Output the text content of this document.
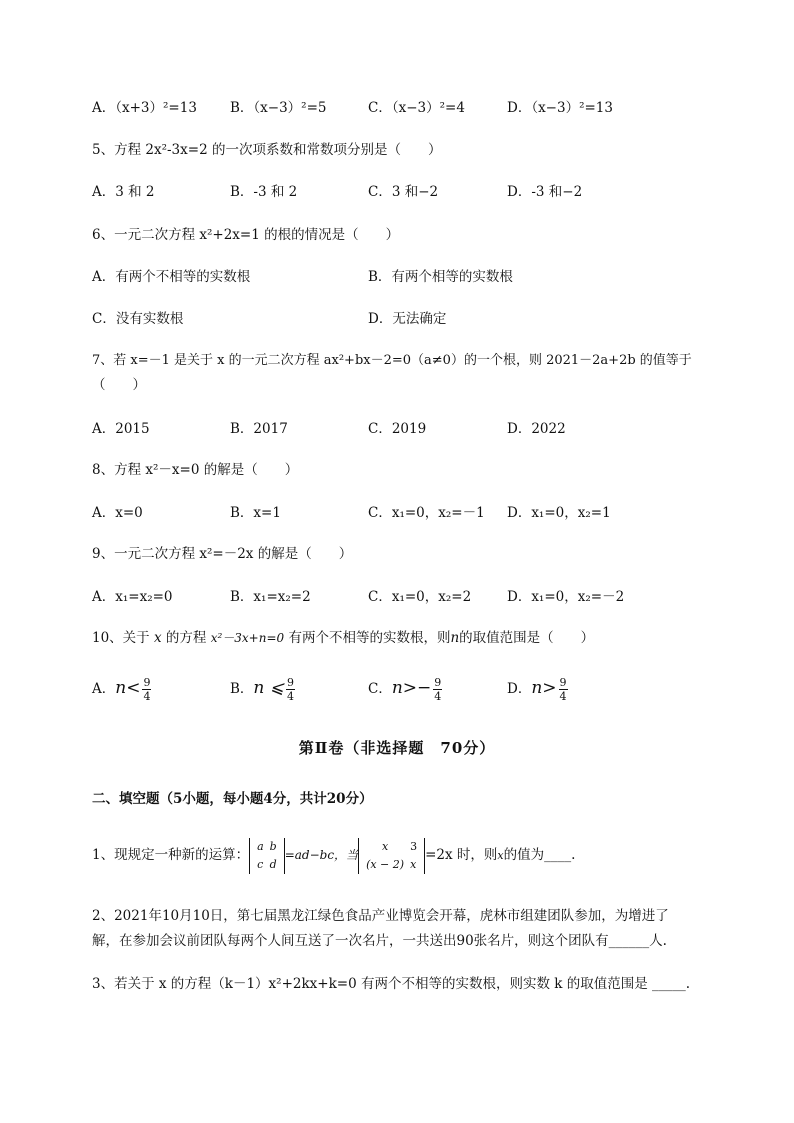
A．（x+3）²=13 B．（x−3）²=5	C．（x−3）²=4	D．（x−3）²=13
5、方程 2x²-3x=2 的一次项系数和常数项分别是（　　）
A．3 和 2	B．-3 和 2	C．3 和−2	D．-3 和−2
6、一元二次方程 x²+2x=1 的根的情况是（　　）
A．有两个不相等的实数根	B．有两个相等的实数根
C．没有实数根	D．无法确定
7、若 x=－1 是关于 x 的一元二次方程 ax²+bx－2=0（a≠0）的一个根，则 2021－2a+2b 的值等于
（　　）
A．2015	B．2017	C．2019	D．2022
8、方程 x²－x=0 的解是（　　）
A．x=0	B．x=1	C．x₁=0，x₂=－1 D．x₁=0，x₂=1
9、一元二次方程 x²=－2x 的解是（　　）
A．x₁=x₂=0	B．x₁=x₂=2	C．x₁=0，x₂=2	D．x₁=0，x₂=－2
10、关于 x 的方程 x²－3x+n=0 有两个不相等的实数根，则n的取值范围是（　　）
A．$n< \frac{9}{4}$	B．n ⩽ $\frac{9}{4}$	C．$n>- \frac{9}{4}$	D．$n> \frac{9}{4}$
第Ⅱ卷（非选择题　70分）
二、填空题（5小题，每小题4分，共计20分）
1、现规定一种新的运算：
a	b
c	d
=ad−bc，当
x	3
(x − 2)	x
=2x 时，则x的值为____.
2、2021年10月10日，第七届黑龙江绿色食品产业博览会开幕，虎林市组建团队参加，为增进了
解，在参加会议前团队每两个人间互送了一次名片，一共送出90张名片，则这个团队有______人.
3、若关于 x 的方程（k－1）x²+2kx+k=0 有两个不相等的实数根，则实数 k 的取值范围是 _____.
